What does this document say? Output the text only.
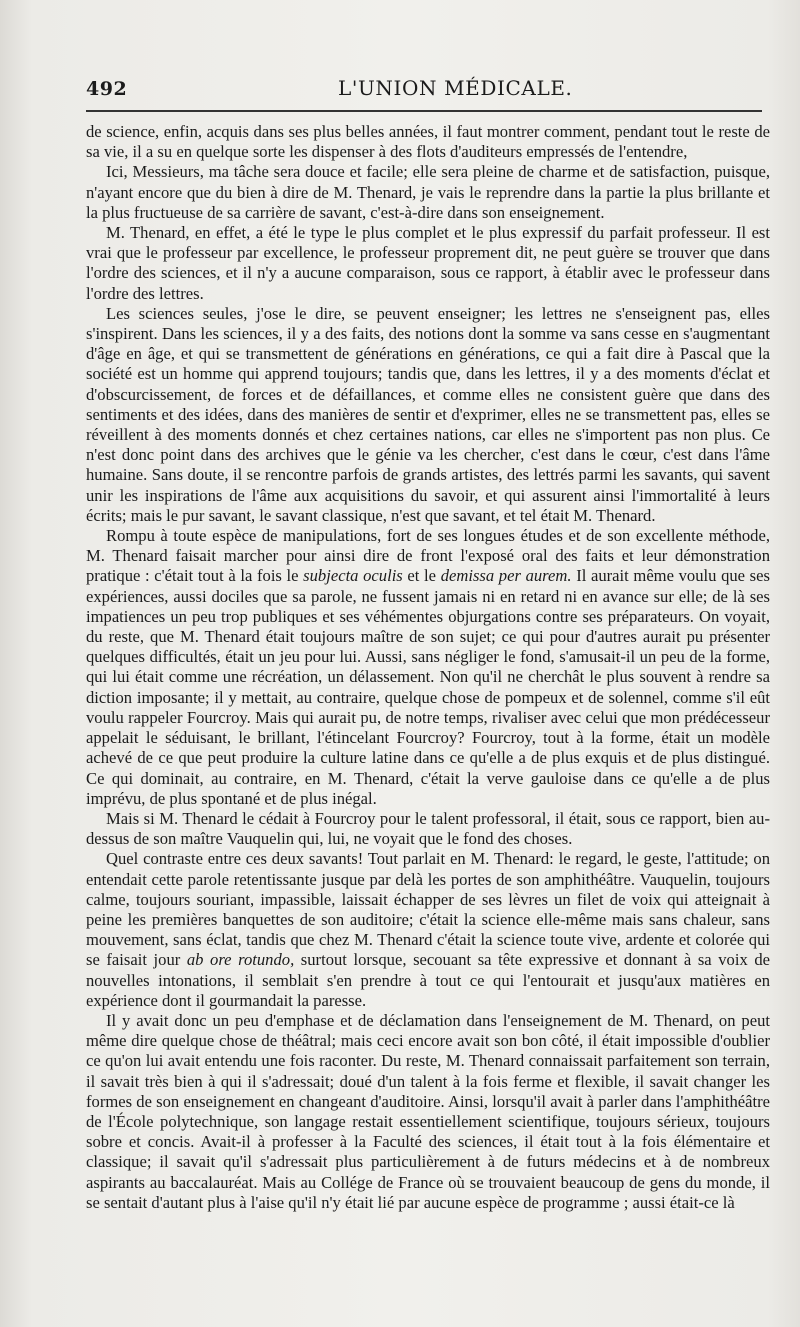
492	L'UNION MÉDICALE.

de science, enfin, acquis dans ses plus belles années, il faut montrer comment, pendant tout le reste de sa vie, il a su en quelque sorte les dispenser à des flots d'auditeurs empressés de l'entendre,

Ici, Messieurs, ma tâche sera douce et facile; elle sera pleine de charme et de satisfaction, puisque, n'ayant encore que du bien à dire de M. Thenard, je vais le reprendre dans la partie la plus brillante et la plus fructueuse de sa carrière de savant, c'est-à-dire dans son enseignement.

M. Thenard, en effet, a été le type le plus complet et le plus expressif du parfait professeur. Il est vrai que le professeur par excellence, le professeur proprement dit, ne peut guère se trouver que dans l'ordre des sciences, et il n'y a aucune comparaison, sous ce rapport, à établir avec le professeur dans l'ordre des lettres.

Les sciences seules, j'ose le dire, se peuvent enseigner; les lettres ne s'enseignent pas, elles s'inspirent. Dans les sciences, il y a des faits, des notions dont la somme va sans cesse en s'augmentant d'âge en âge, et qui se transmettent de générations en générations, ce qui a fait dire à Pascal que la société est un homme qui apprend toujours; tandis que, dans les lettres, il y a des moments d'éclat et d'obscurcissement, de forces et de défaillances, et comme elles ne consistent guère que dans des sentiments et des idées, dans des manières de sentir et d'exprimer, elles ne se transmettent pas, elles se réveillent à des moments donnés et chez certaines nations, car elles ne s'importent pas non plus. Ce n'est donc point dans des archives que le génie va les chercher, c'est dans le cœur, c'est dans l'âme humaine. Sans doute, il se rencontre parfois de grands artistes, des lettrés parmi les savants, qui savent unir les inspirations de l'âme aux acquisitions du savoir, et qui assurent ainsi l'immortalité à leurs écrits; mais le pur savant, le savant classique, n'est que savant, et tel était M. Thenard.

Rompu à toute espèce de manipulations, fort de ses longues études et de son excellente méthode, M. Thenard faisait marcher pour ainsi dire de front l'exposé oral des faits et leur démonstration pratique : c'était tout à la fois le subjecta oculis et le demissa per aurem. Il aurait même voulu que ses expériences, aussi dociles que sa parole, ne fussent jamais ni en retard ni en avance sur elle; de là ses impatiences un peu trop publiques et ses véhémentes objurgations contre ses préparateurs. On voyait, du reste, que M. Thenard était toujours maître de son sujet; ce qui pour d'autres aurait pu présenter quelques difficultés, était un jeu pour lui. Aussi, sans négliger le fond, s'amusait-il un peu de la forme, qui lui était comme une récréation, un délassement. Non qu'il ne cherchât le plus souvent à rendre sa diction imposante; il y mettait, au contraire, quelque chose de pompeux et de solennel, comme s'il eût voulu rappeler Fourcroy. Mais qui aurait pu, de notre temps, rivaliser avec celui que mon prédécesseur appelait le séduisant, le brillant, l'étincelant Fourcroy? Fourcroy, tout à la forme, était un modèle achevé de ce que peut produire la culture latine dans ce qu'elle a de plus exquis et de plus distingué. Ce qui dominait, au contraire, en M. Thenard, c'était la verve gauloise dans ce qu'elle a de plus imprévu, de plus spontané et de plus inégal.

Mais si M. Thenard le cédait à Fourcroy pour le talent professoral, il était, sous ce rapport, bien au-dessus de son maître Vauquelin qui, lui, ne voyait que le fond des choses.

Quel contraste entre ces deux savants! Tout parlait en M. Thenard: le regard, le geste, l'attitude; on entendait cette parole retentissante jusque par delà les portes de son amphithéâtre. Vauquelin, toujours calme, toujours souriant, impassible, laissait échapper de ses lèvres un filet de voix qui atteignait à peine les premières banquettes de son auditoire; c'était la science elle-même mais sans chaleur, sans mouvement, sans éclat, tandis que chez M. Thenard c'était la science toute vive, ardente et colorée qui se faisait jour ab ore rotundo, surtout lorsque, secouant sa tête expressive et donnant à sa voix de nouvelles intonations, il semblait s'en prendre à tout ce qui l'entourait et jusqu'aux matières en expérience dont il gourmandait la paresse.

Il y avait donc un peu d'emphase et de déclamation dans l'enseignement de M. Thenard, on peut même dire quelque chose de théâtral; mais ceci encore avait son bon côté, il était impossible d'oublier ce qu'on lui avait entendu une fois raconter. Du reste, M. Thenard connaissait parfaitement son terrain, il savait très bien à qui il s'adressait; doué d'un talent à la fois ferme et flexible, il savait changer les formes de son enseignement en changeant d'auditoire. Ainsi, lorsqu'il avait à parler dans l'amphithéâtre de l'École polytechnique, son langage restait essentiellement scientifique, toujours sérieux, toujours sobre et concis. Avait-il à professer à la Faculté des sciences, il était tout à la fois élémentaire et classique; il savait qu'il s'adressait plus particulièrement à de futurs médecins et à de nombreux aspirants au baccalauréat. Mais au Collége de France où se trouvaient beaucoup de gens du monde, il se sentait d'autant plus à l'aise qu'il n'y était lié par aucune espèce de programme ; aussi était-ce là
